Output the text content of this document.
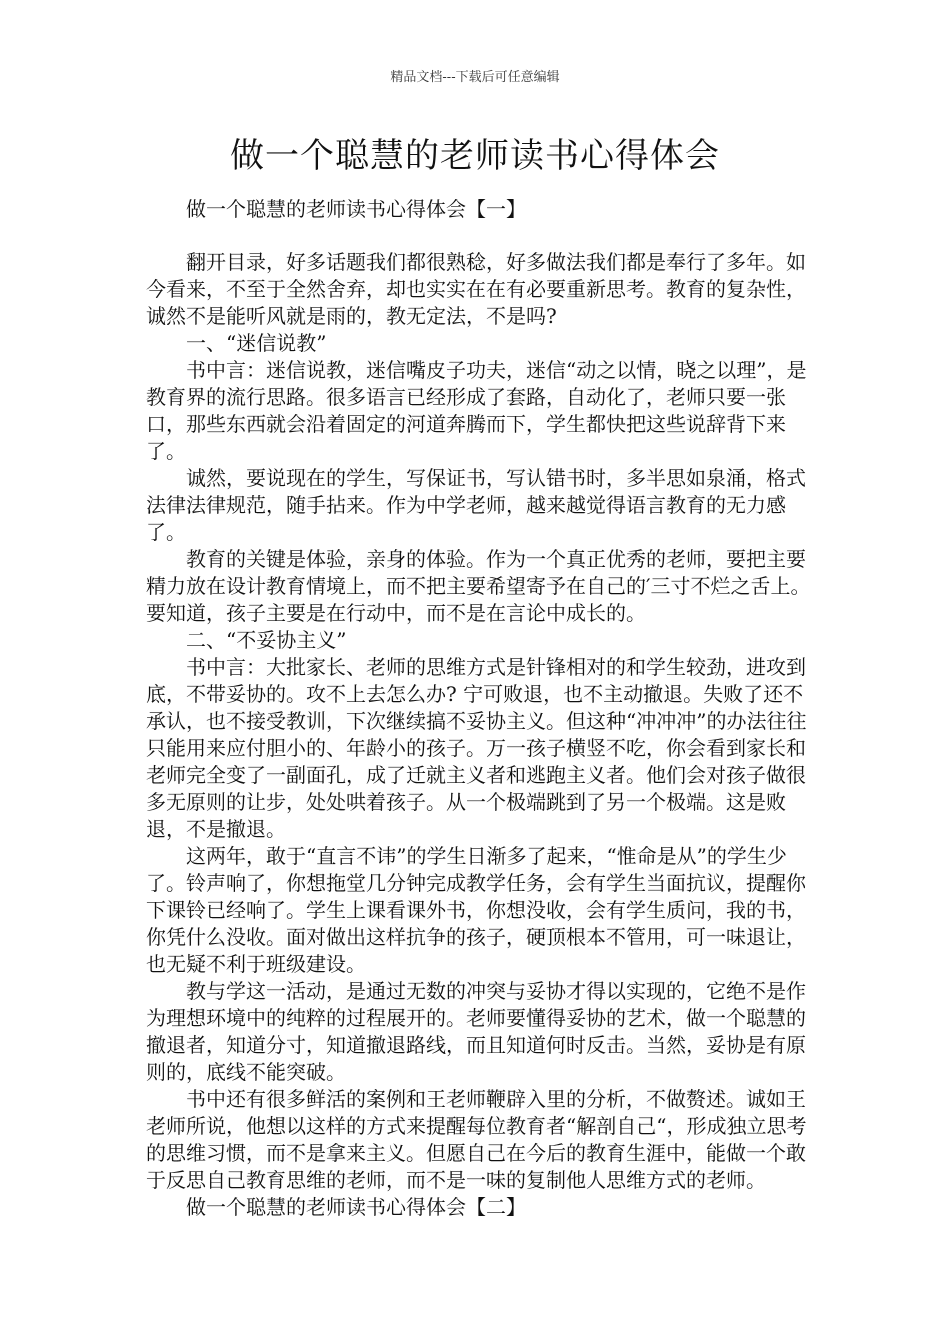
精品文档---下载后可任意编辑
做一个聪慧的老师读书心得体会

做一个聪慧的老师读书心得体会【一】

翻开目录，好多话题我们都很熟稔，好多做法我们都是奉行了多年。如今看来，不至于全然舍弃，却也实实在在有必要重新思考。教育的复杂性，诚然不是能听风就是雨的，教无定法，不是吗?

一、“迷信说教”

书中言：迷信说教，迷信嘴皮子功夫，迷信“动之以情，晓之以理”，是教育界的流行思路。很多语言已经形成了套路，自动化了，老师只要一张口，那些东西就会沿着固定的河道奔腾而下，学生都快把这些说辞背下来了。

诚然，要说现在的学生，写保证书，写认错书时，多半思如泉涌，格式法律法律规范，随手拈来。作为中学老师，越来越觉得语言教育的无力感了。

教育的关键是体验，亲身的体验。作为一个真正优秀的老师，要把主要精力放在设计教育情境上，而不把主要希望寄予在自己的′三寸不烂之舌上。要知道，孩子主要是在行动中，而不是在言论中成长的。

二、“不妥协主义”

书中言：大批家长、老师的思维方式是针锋相对的和学生较劲，进攻到底，不带妥协的。攻不上去怎么办? 宁可败退，也不主动撤退。失败了还不承认，也不接受教训，下次继续搞不妥协主义。但这种“冲冲冲”的办法往往只能用来应付胆小的、年龄小的孩子。万一孩子横竖不吃，你会看到家长和老师完全变了一副面孔，成了迁就主义者和逃跑主义者。他们会对孩子做很多无原则的让步，处处哄着孩子。从一个极端跳到了另一个极端。这是败退，不是撤退。

这两年，敢于“直言不讳”的学生日渐多了起来，“惟命是从”的学生少了。铃声响了，你想拖堂几分钟完成教学任务，会有学生当面抗议，提醒你下课铃已经响了。学生上课看课外书，你想没收，会有学生质问，我的书，你凭什么没收。面对做出这样抗争的孩子，硬顶根本不管用，可一味退让，也无疑不利于班级建设。

教与学这一活动，是通过无数的冲突与妥协才得以实现的，它绝不是作为理想环境中的纯粹的过程展开的。老师要懂得妥协的艺术，做一个聪慧的撤退者，知道分寸，知道撤退路线，而且知道何时反击。当然，妥协是有原则的，底线不能突破。

书中还有很多鲜活的案例和王老师鞭辟入里的分析，不做赘述。诚如王老师所说，他想以这样的方式来提醒每位教育者“解剖自己“，形成独立思考的思维习惯，而不是拿来主义。但愿自己在今后的教育生涯中，能做一个敢于反思自己教育思维的老师，而不是一味的复制他人思维方式的老师。

做一个聪慧的老师读书心得体会【二】
